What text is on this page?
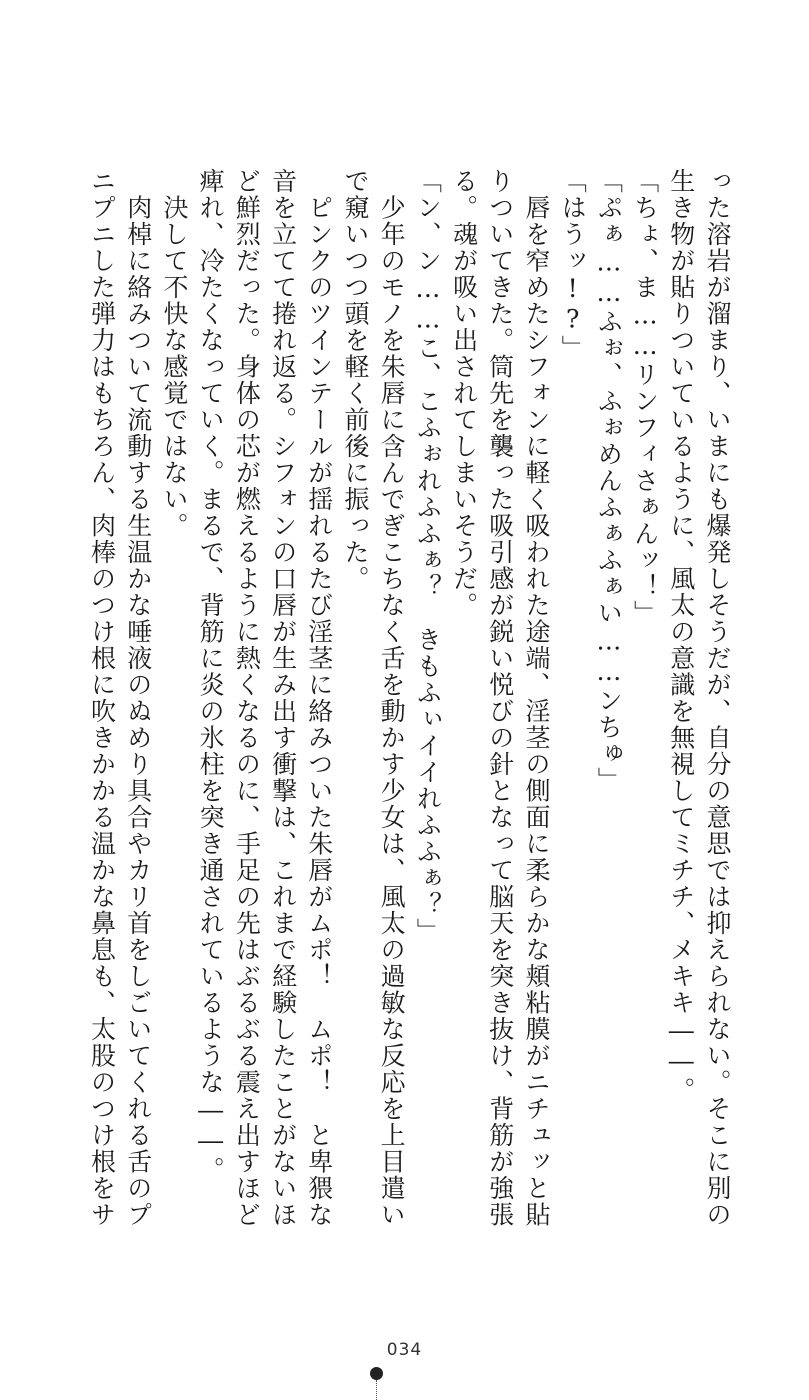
った溶岩が溜まり、いまにも爆発しそうだが、自分の意思では抑えられない。そこに別の
生き物が貼りついているように、風太の意識を無視してミチチ、メキキ――。
「ちょ、ま……リンフィさぁんッ！」
「ぷぁ……ふぉ、ふぉめんふぁふぁい……ンちゅ」
「はうッ!?」
　唇を窄めたシフォンに軽く吸われた途端、淫茎の側面に柔らかな頬粘膜がニチュッと貼
りついてきた。筒先を襲った吸引感が鋭い悦びの針となって脳天を突き抜け、背筋が強張
る。魂が吸い出されてしまいそうだ。
「ン、ン……こ、こふぉれふふぁ？　きもふぃイイれふふぁ？」
　少年のモノを朱唇に含んでぎこちなく舌を動かす少女は、風太の過敏な反応を上目遣い
で窺いつつ頭を軽く前後に振った。
　ピンクのツインテールが揺れるたび淫茎に絡みついた朱唇がムポ！　ムポ！　と卑猥な
音を立てて捲れ返る。シフォンの口唇が生み出す衝撃は、これまで経験したことがないほ
ど鮮烈だった。身体の芯が燃えるように熱くなるのに、手足の先はぶるぶる震え出すほど
痺れ、冷たくなっていく。まるで、背筋に炎の氷柱を突き通されているような――。
　決して不快な感覚ではない。
　肉棹に絡みついて流動する生温かな唾液のぬめり具合やカリ首をしごいてくれる舌のプ
ニプニした弾力はもちろん、肉棒のつけ根に吹きかかる温かな鼻息も、太股のつけ根をサ
034
